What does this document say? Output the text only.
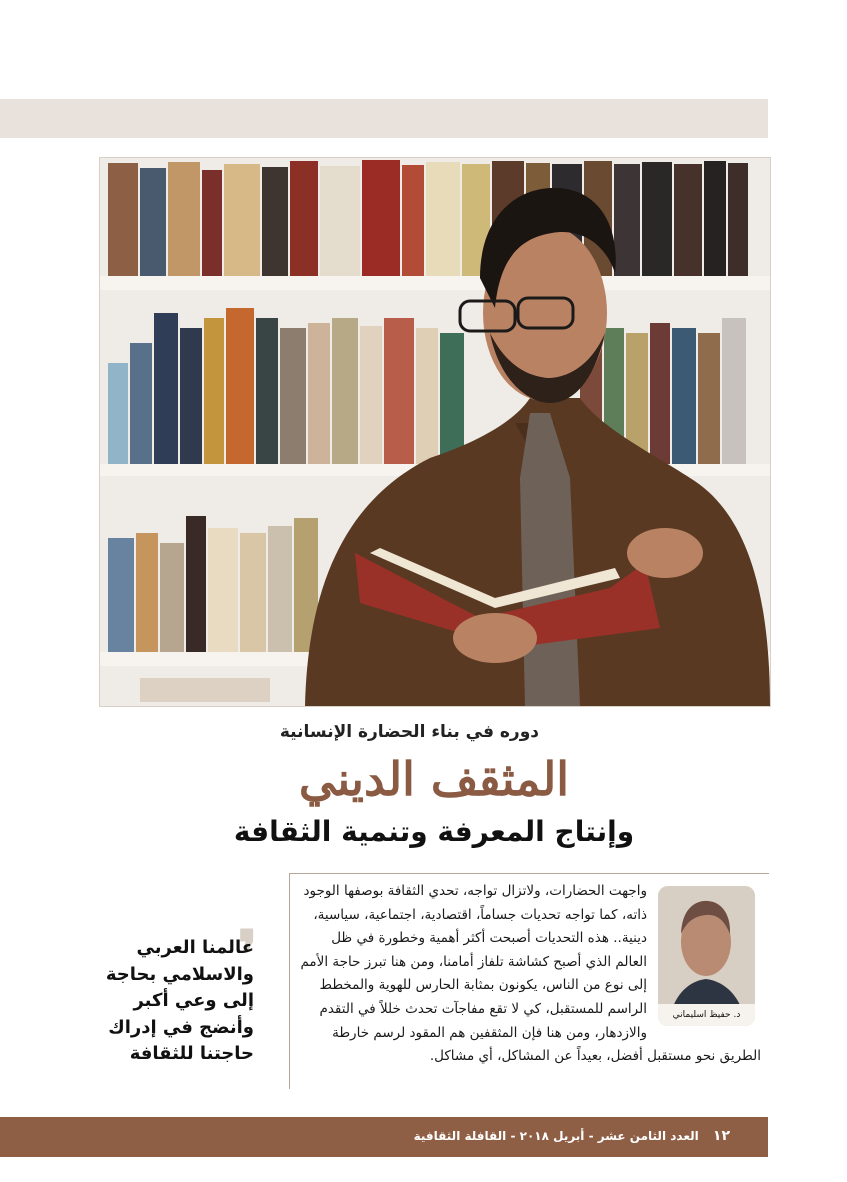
دوره في بناء الحضارة الإنسانية
المثقف الديني
وإنتاج المعرفة وتنمية الثقافة
❜
عالمنا العربي والاسلامي بحاجة إلى وعي أكبر وأنضج في إدراك حاجتنا للثقافة
د. حفيظ اسليماني
واجهت الحضارات، ولاتزال تواجه، تحدي الثقافة بوصفها الوجود ذاته، كما تواجه تحديات جساماً، اقتصادية، اجتماعية، سياسية، دينية.. هذه التحديات أصبحت أكثر أهمية وخطورة في ظل العالم الذي أصبح كشاشة تلفاز أمامنا، ومن هنا تبرز حاجة الأمم إلى نوع من الناس، يكونون بمثابة الحارس للهوية والمخطط الراسم للمستقبل، كي لا تقع مفاجآت تحدث خللاً في التقدم والازدهار، ومن هنا فإن المثقفين هم المقود لرسم خارطة الطريق نحو مستقبل أفضل، بعيداً عن المشاكل، أي مشاكل.
١٢ العدد الثامن عشر - أبريل ٢٠١٨ - القافلة الثقافية
